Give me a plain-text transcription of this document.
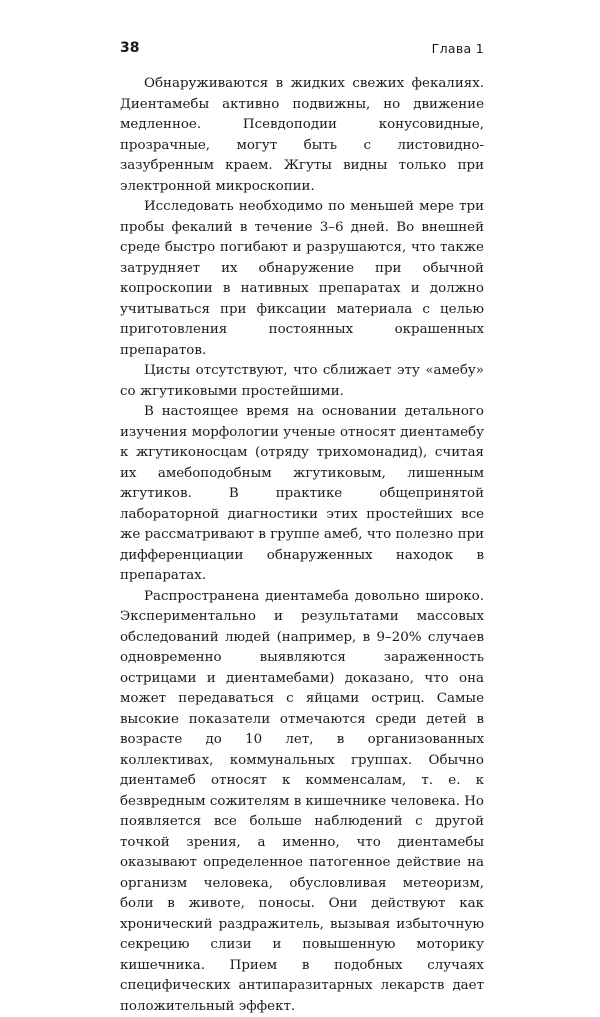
38	Глава 1

Обнаруживаются в жидких свежих фекалиях. Диентамебы активно подвижны, но движение медленное. Псевдоподии конусовидные, прозрачные, могут быть с листовидно-зазубренным краем. Жгуты видны только при электронной микроскопии.

Исследовать необходимо по меньшей мере три пробы фекалий в течение 3–6 дней. Во внешней среде быстро погибают и разрушаются, что также затрудняет их обнаружение при обычной копроскопии в нативных препаратах и должно учитываться при фиксации материала с целью приготовления постоянных окрашенных препаратов.

Цисты отсутствуют, что сближает эту «амебу» со жгутиковыми простейшими.

В настоящее время на основании детального изучения морфологии ученые относят диентамебу к жгутиконосцам (отряду трихомонадид), считая их амебоподобным жгутиковым, лишенным жгутиков. В практике общепринятой лабораторной диагностики этих простейших все же рассматривают в группе амеб, что полезно при дифференциации обнаруженных находок в препаратах.

Распространена диентамеба довольно широко. Экспериментально и результатами массовых обследований людей (например, в 9–20% случаев одновременно выявляются зараженность острицами и диентамебами) доказано, что она может передаваться с яйцами остриц. Самые высокие показатели отмечаются среди детей в возрасте до 10 лет, в организованных коллективах, коммунальных группах. Обычно диентамеб относят к комменсалам, т. е. к безвредным сожителям в кишечнике человека. Но появляется все больше наблюдений с другой точкой зрения, а именно, что диентамебы оказывают определенное патогенное действие на организм человека, обусловливая метеоризм, боли в животе, поносы. Они действуют как хронический раздражитель, вызывая избыточную секрецию слизи и повышенную моторику кишечника. Прием в подобных случаях специфических антипаразитарных лекарств дает положительный эффект.
